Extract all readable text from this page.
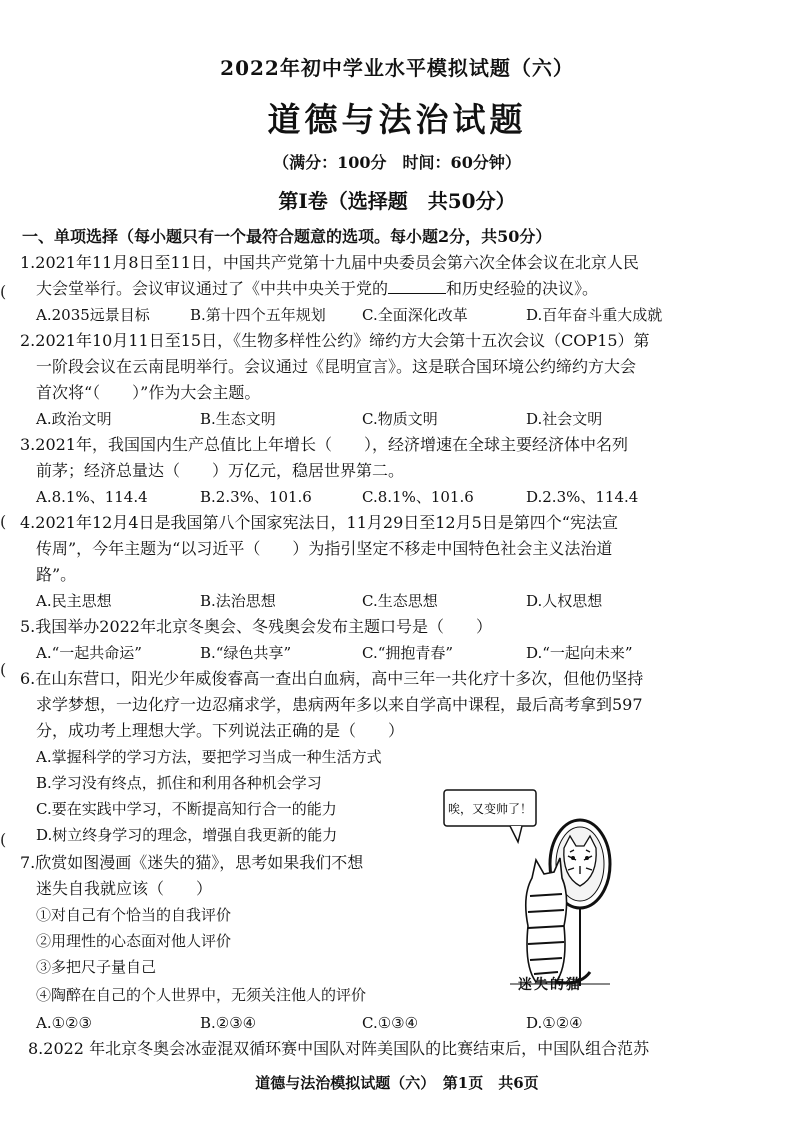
2022年初中学业水平模拟试题（六）
道德与法治试题
（满分：100分　时间：60分钟）
第Ⅰ卷（选择题　共50分）
(
(
(
(
一、单项选择（每小题只有一个最符合题意的选项。每小题2分，共50分）
1.2021年11月8日至11日，中国共产党第十九届中央委员会第六次全体会议在北京人民
大会堂举行。会议审议通过了《中共中央关于党的	和历史经验的决议》。
A.2035远景目标	B.第十四个五年规划 C.全面深化改革	D.百年奋斗重大成就
2.2021年10月11日至15日，《生物多样性公约》缔约方大会第十五次会议（COP15）第
一阶段会议在云南昆明举行。会议通过《昆明宣言》。这是联合国环境公约缔约方大会
首次将“（　　）”作为大会主题。
A.政治文明	B.生态文明	C.物质文明	D.社会文明
3.2021年，我国国内生产总值比上年增长（　　），经济增速在全球主要经济体中名列
前茅；经济总量达（　　）万亿元，稳居世界第二。
A.8.1%、114.4	B.2.3%、101.6	C.8.1%、101.6	D.2.3%、114.4
4.2021年12月4日是我国第八个国家宪法日，11月29日至12月5日是第四个“宪法宣
传周”，今年主题为“以习近平（　　）为指引坚定不移走中国特色社会主义法治道
路”。
A.民主思想	B.法治思想	C.生态思想	D.人权思想
5.我国举办2022年北京冬奥会、冬残奥会发布主题口号是（　　）
A.“一起共命运”	B.“绿色共享”	C.“拥抱青春”	D.“一起向未来”
6.在山东营口，阳光少年威俊睿高一查出白血病，高中三年一共化疗十多次，但他仍坚持
求学梦想，一边化疗一边忍痛求学，患病两年多以来自学高中课程，最后高考拿到597
分，成功考上理想大学。下列说法正确的是（　　）
A.掌握科学的学习方法，要把学习当成一种生活方式
B.学习没有终点，抓住和利用各种机会学习
C.要在实践中学习，不断提高知行合一的能力
D.树立终身学习的理念，增强自我更新的能力
7.欣赏如图漫画《迷失的猫》，思考如果我们不想
迷失自我就应该（　　）
①对自己有个恰当的自我评价
②用理性的心态面对他人评价
③多把尺子量自己
④陶醉在自己的个人世界中，无须关注他人的评价
A.①②③	B.②③④	C.①③④	D.①②④
唉，又变帅了！
迷失的猫
8.2022 年北京冬奥会冰壶混双循环赛中国队对阵美国队的比赛结束后，中国队组合范苏
道德与法治模拟试题（六）　第1页　共6页
